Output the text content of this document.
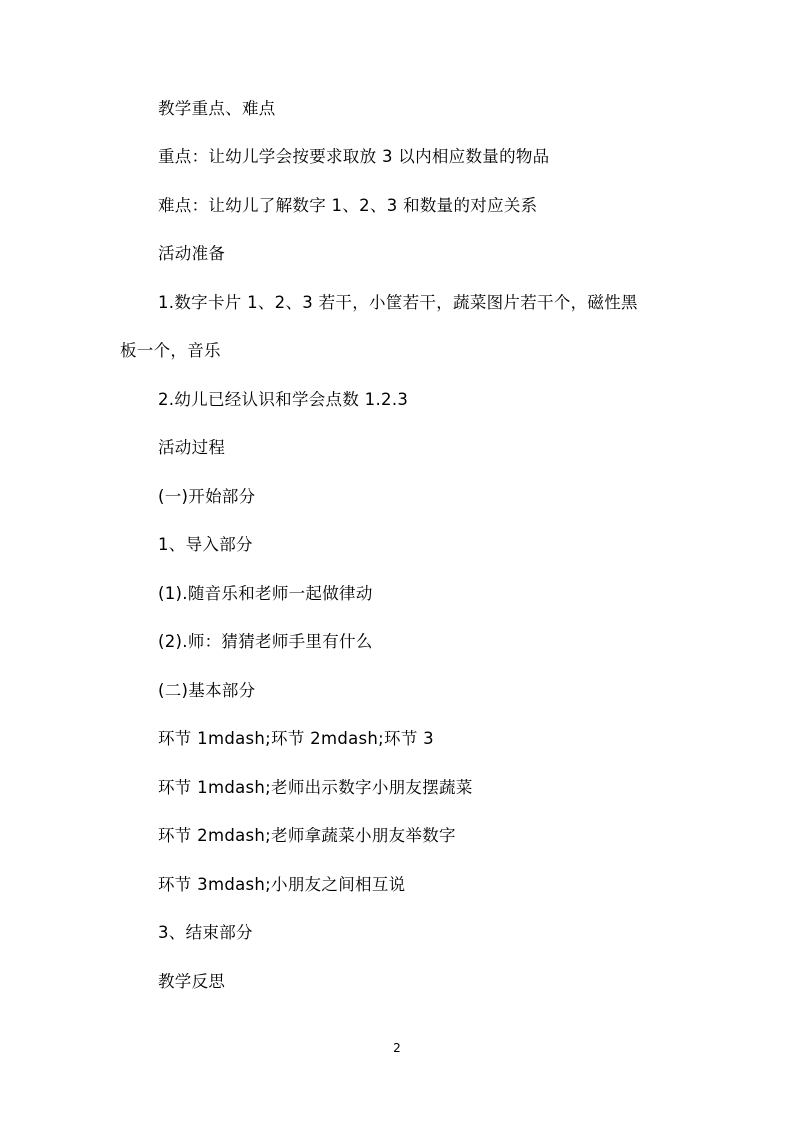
教学重点、难点
重点：让幼儿学会按要求取放 3 以内相应数量的物品
难点：让幼儿了解数字 1、2、3 和数量的对应关系
活动准备
1.数字卡片 1、2、3 若干，小筐若干，蔬菜图片若干个，磁性黑
板一个，音乐
2.幼儿已经认识和学会点数 1.2.3
活动过程
(一)开始部分
1、导入部分
(1).随音乐和老师一起做律动
(2).师：猜猜老师手里有什么
(二)基本部分
环节 1mdash;环节 2mdash;环节 3
环节 1mdash;老师出示数字小朋友摆蔬菜
环节 2mdash;老师拿蔬菜小朋友举数字
环节 3mdash;小朋友之间相互说
3、结束部分
教学反思
2
